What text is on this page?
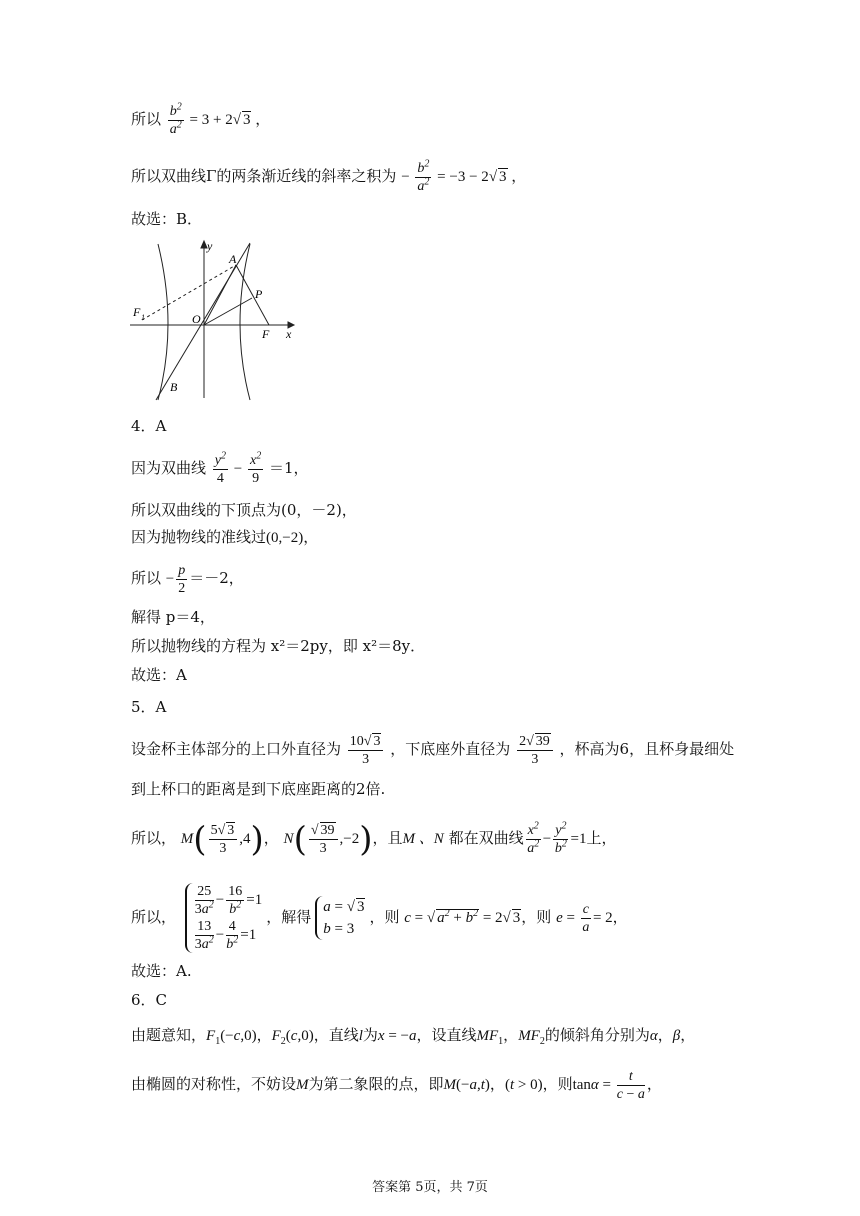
所以 $\frac{b^2}{a^2} = 3 + 2√$ 3 ，
所以双曲线Γ的两条渐近线的斜率之积为 − $\frac{b^2}{a^2} = -3 - 2√$ 3 ，
故选：B．
y
A
P
F 1	O
F x
B
4．A
因为双曲线 $\frac{y^2}{4} - \frac{x^2}{9} =1$，
所以双曲线的下顶点为(0，－2)，
因为抛物线的准线过(0,−2)，
所以 − $\frac{p}{2} =-2$，
解得 p＝4，
所以抛物线的方程为 x²＝2py，即 x²＝8y．
故选：A
5．A
设金杯主体部分的上口外直径为 $\frac{10√ 3}{3}$ ，下底座外直径为 $\frac{2√ 39}{3}$ ，杯高为6，且杯身最细处
到上杯口的距离是到下底座距离的2倍.
所以， $M( \frac{5√ 3}{3} ,4)$， $N( \frac{√ 39}{3} ,-2)$，且M 、N 都在双曲线 $\frac{x^2}{a^2} - \frac{y^2}{b^2} =1$上，
所以， $\frac{25}{3a^2} - \frac{16}{b^2} =1$
$\frac{13}{3a^2} - \frac{4}{b^2} =1$
，解得
a = √ 3
b = 3
，则 c = √ $a^2 + b^2 = 2√$ 3，则 $e = \frac{c}{a} = 2$，
故选：A.
6．C
由题意知，$F_1(-c,0)$，$F_2(c,0)$，直线l为x = −a，设直线$MF_1$，$MF_2$的倾斜角分别为α，β，
由椭圆的对称性，不妨设M为第二象限的点，即M(−a,t)，(t > 0)，则$\tan\alpha = \frac{t}{c - a}$ ，
答案第 5页，共 7页
